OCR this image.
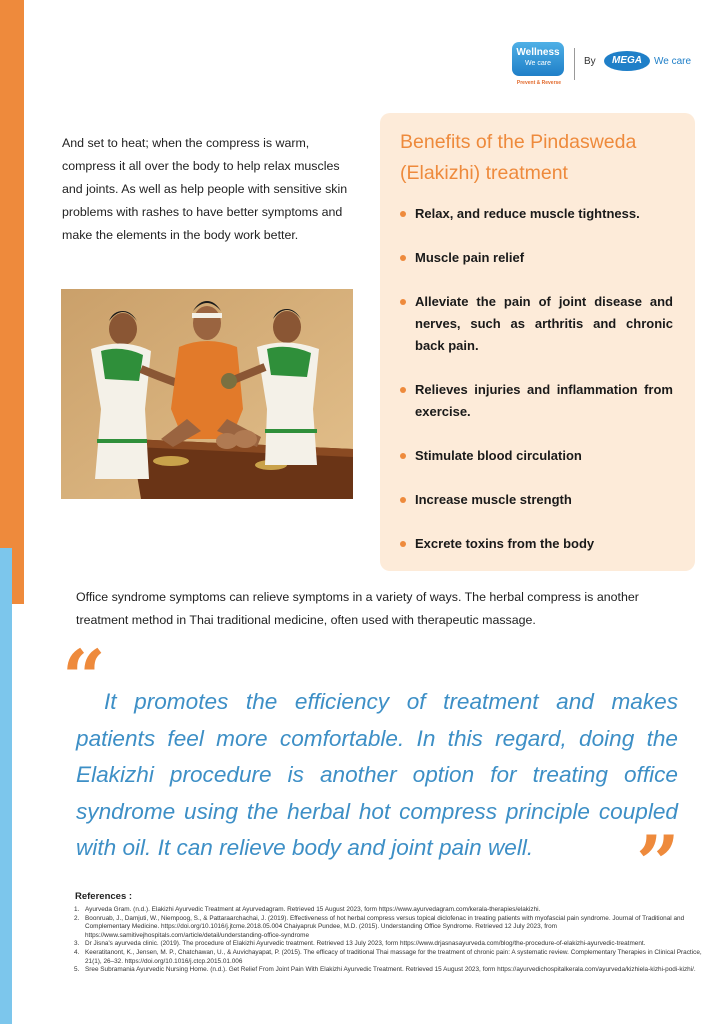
Wellness
We care
Prevent & Reverse
By	MEGA	We care

And set to heat; when the compress is warm, compress it all over the body to help relax muscles and joints. As well as help people with sensitive skin problems with rashes to have better symptoms and make the elements in the body work better.

Benefits of the Pindasweda (Elakizhi) treatment
Relax, and reduce muscle tightness.
Muscle pain relief
Alleviate the pain of joint disease and nerves, such as arthritis and chronic back pain.
Relieves injuries and inflammation from exercise.
Stimulate blood circulation
Increase muscle strength
Excrete toxins from the body

Office syndrome symptoms can relieve symptoms in a variety of ways. The herbal compress is another treatment method in Thai traditional medicine, often used with therapeutic massage.

“

It promotes the efficiency of treatment and makes patients feel more comfortable. In this regard, doing the Elakizhi procedure is another option for treating office syndrome using the herbal hot compress principle coupled with oil. It can relieve body and joint pain well.	”

References :

1. Ayurveda Gram. (n.d.). Elakizhi Ayurvedic Treatment at Ayurvedagram. Retrieved 15 August 2023, form https://www.ayurvedagram.com/kerala-therapies/elakizhi.
2. Boonruab, J., Damjuti, W., Niempoog, S., & Pattaraarchachai, J. (2019). Effectiveness of hot herbal compress versus topical diclofenac in treating patients with myofascial pain syndrome. Journal of Traditional and Complementary Medicine. https://doi.org/10.1016/j.jtcme.2018.05.004 Chaiyapruk Pundee, M.D. (2015). Understanding Office Syndrome. Retrieved 12 July 2023, from https://www.samitivejhospitals.com/article/detail/understanding-office-syndrome
3. Dr Jisna's ayurveda clinic. (2019). The procedure of Elakizhi Ayurvedic treatment. Retrieved 13 July 2023, form https://www.drjasnasayurveda.com/blog/the-procedure-of-elakizhi-ayurvedic-treatment.
4. Keeratitanont, K., Jensen, M. P., Chatchawan, U., & Auvichayapat, P. (2015). The efficacy of traditional Thai massage for the treatment of chronic pain: A systematic review. Complementary Therapies in Clinical Practice, 21(1), 26–32. https://doi.org/10.1016/j.ctcp.2015.01.006
5. Sree Subramania Ayurvedic Nursing Home. (n.d.). Get Relief From Joint Pain With Elakizhi Ayurvedic Treatment. Retrieved 15 August 2023, form https://ayurvedichospitalkerala.com/ayurveda/kizhiela-kizhi-podi-kizhi/.
